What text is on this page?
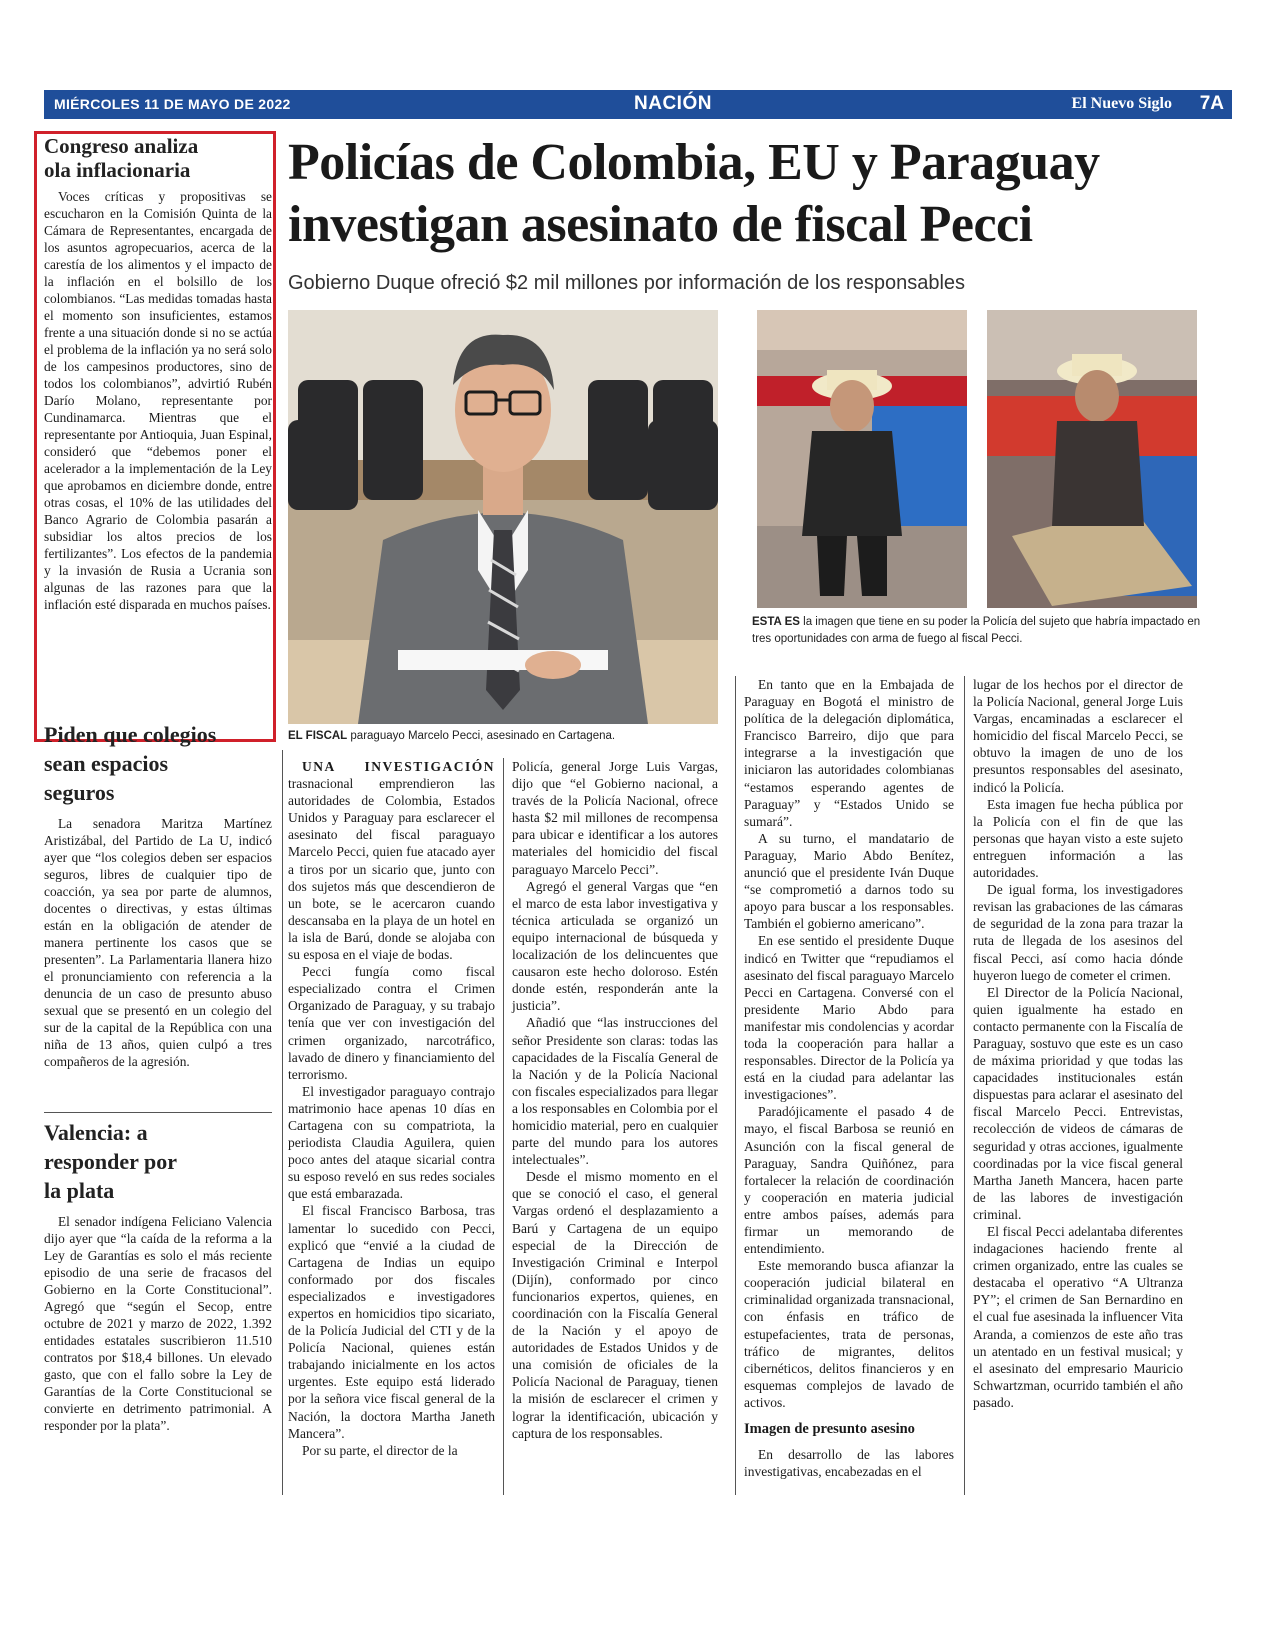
MIÉRCOLES 11 DE MAYO DE 2022	NACIÓN	El Nuevo Siglo 7A
Congreso analiza ola inflacionaria

Voces críticas y propositivas se escucharon en la Comisión Quinta de la Cámara de Representantes, encargada de los asuntos agropecuarios, acerca de la carestía de los alimentos y el impacto de la inflación en el bolsillo de los colombianos. “Las medidas tomadas hasta el momento son insuficientes, estamos frente a una situación donde si no se actúa el problema de la inflación ya no será solo de los campesinos productores, sino de todos los colombianos”, advirtió Rubén Darío Molano, representante por Cundinamarca. Mientras que el representante por Antioquia, Juan Espinal, consideró que “debemos poner el acelerador a la implementación de la Ley que aprobamos en diciembre donde, entre otras cosas, el 10% de las utilidades del Banco Agrario de Colombia pasarán a subsidiar los altos precios de los fertilizantes”. Los efectos de la pandemia y la invasión de Rusia a Ucrania son algunas de las razones para que la inflación esté disparada en muchos países.

Piden que colegios sean espacios seguros

La senadora Maritza Martínez Aristizábal, del Partido de La U, indicó ayer que “los colegios deben ser espacios seguros, libres de cualquier tipo de coacción, ya sea por parte de alumnos, docentes o directivas, y estas últimas están en la obligación de atender de manera pertinente los casos que se presenten”. La Parlamentaria llanera hizo el pronunciamiento con referencia a la denuncia de un caso de presunto abuso sexual que se presentó en un colegio del sur de la capital de la República con una niña de 13 años, quien culpó a tres compañeros de la agresión.

Valencia: a responder por la plata

El senador indígena Feliciano Valencia dijo ayer que “la caída de la reforma a la Ley de Garantías es solo el más reciente episodio de una serie de fracasos del Gobierno en la Corte Constitucional”. Agregó que “según el Secop, entre octubre de 2021 y marzo de 2022, 1.392 entidades estatales suscribieron 11.510 contratos por $18,4 billones. Un elevado gasto, que con el fallo sobre la Ley de Garantías de la Corte Constitucional se convierte en detrimento patrimonial. A responder por la plata”.

Policías de Colombia, EU y Paraguay investigan asesinato de fiscal Pecci
Gobierno Duque ofreció $2 mil millones por información de los responsables
EL FISCAL paraguayo Marcelo Pecci, asesinado en Cartagena.
ESTA ES la imagen que tiene en su poder la Policía del sujeto que habría impactado en tres oportunidades con arma de fuego al fiscal Pecci.

UNA INVESTIGACIÓN trasnacional emprendieron las autoridades de Colombia, Estados Unidos y Paraguay para esclarecer el asesinato del fiscal paraguayo Marcelo Pecci, quien fue atacado ayer a tiros por un sicario que, junto con dos sujetos más que descendieron de un bote, se le acercaron cuando descansaba en la playa de un hotel en la isla de Barú, donde se alojaba con su esposa en el viaje de bodas.

Pecci fungía como fiscal especializado contra el Crimen Organizado de Paraguay, y su trabajo tenía que ver con investigación del crimen organizado, narcotráfico, lavado de dinero y financiamiento del terrorismo.

El investigador paraguayo contrajo matrimonio hace apenas 10 días en Cartagena con su compatriota, la periodista Claudia Aguilera, quien poco antes del ataque sicarial contra su esposo reveló en sus redes sociales que está embarazada.

El fiscal Francisco Barbosa, tras lamentar lo sucedido con Pecci, explicó que “envié a la ciudad de Cartagena de Indias un equipo conformado por dos fiscales especializados e investigadores expertos en homicidios tipo sicariato, de la Policía Judicial del CTI y de la Policía Nacional, quienes están trabajando inicialmente en los actos urgentes. Este equipo está liderado por la señora vice fiscal general de la Nación, la doctora Martha Janeth Mancera”.

Por su parte, el director de la

Policía, general Jorge Luis Vargas, dijo que “el Gobierno nacional, a través de la Policía Nacional, ofrece hasta $2 mil millones de recompensa para ubicar e identificar a los autores materiales del homicidio del fiscal paraguayo Marcelo Pecci”.

Agregó el general Vargas que “en el marco de esta labor investigativa y técnica articulada se organizó un equipo internacional de búsqueda y localización de los delincuentes que causaron este hecho doloroso. Estén donde estén, responderán ante la justicia”.

Añadió que “las instrucciones del señor Presidente son claras: todas las capacidades de la Fiscalía General de la Nación y de la Policía Nacional con fiscales especializados para llegar a los responsables en Colombia por el homicidio material, pero en cualquier parte del mundo para los autores intelectuales”.

Desde el mismo momento en el que se conoció el caso, el general Vargas ordenó el desplazamiento a Barú y Cartagena de un equipo especial de la Dirección de Investigación Criminal e Interpol (Dijín), conformado por cinco funcionarios expertos, quienes, en coordinación con la Fiscalía General de la Nación y el apoyo de autoridades de Estados Unidos y de una comisión de oficiales de la Policía Nacional de Paraguay, tienen la misión de esclarecer el crimen y lograr la identificación, ubicación y captura de los responsables.

En tanto que en la Embajada de Paraguay en Bogotá el ministro de política de la delegación diplomática, Francisco Barreiro, dijo que para integrarse a la investigación que iniciaron las autoridades colombianas “estamos esperando agentes de Paraguay” y “Estados Unido se sumará”.

A su turno, el mandatario de Paraguay, Mario Abdo Benítez, anunció que el presidente Iván Duque “se comprometió a darnos todo su apoyo para buscar a los responsables. También el gobierno americano”.

En ese sentido el presidente Duque indicó en Twitter que “repudiamos el asesinato del fiscal paraguayo Marcelo Pecci en Cartagena. Conversé con el presidente Mario Abdo para manifestar mis condolencias y acordar toda la cooperación para hallar a responsables. Director de la Policía ya está en la ciudad para adelantar las investigaciones”.

Paradójicamente el pasado 4 de mayo, el fiscal Barbosa se reunió en Asunción con la fiscal general de Paraguay, Sandra Quiñónez, para fortalecer la relación de coordinación y cooperación en materia judicial entre ambos países, además para firmar un memorando de entendimiento.

Este memorando busca afianzar la cooperación judicial bilateral en criminalidad organizada transnacional, con énfasis en tráfico de estupefacientes, trata de personas, tráfico de migrantes, delitos cibernéticos, delitos financieros y en esquemas complejos de lavado de activos.

Imagen de presunto asesino

En desarrollo de las labores investigativas, encabezadas en el

lugar de los hechos por el director de la Policía Nacional, general Jorge Luis Vargas, encaminadas a esclarecer el homicidio del fiscal Marcelo Pecci, se obtuvo la imagen de uno de los presuntos responsables del asesinato, indicó la Policía.

Esta imagen fue hecha pública por la Policía con el fin de que las personas que hayan visto a este sujeto entreguen información a las autoridades.

De igual forma, los investigadores revisan las grabaciones de las cámaras de seguridad de la zona para trazar la ruta de llegada de los asesinos del fiscal Pecci, así como hacia dónde huyeron luego de cometer el crimen.

El Director de la Policía Nacional, quien igualmente ha estado en contacto permanente con la Fiscalía de Paraguay, sostuvo que este es un caso de máxima prioridad y que todas las capacidades institucionales están dispuestas para aclarar el asesinato del fiscal Marcelo Pecci. Entrevistas, recolección de videos de cámaras de seguridad y otras acciones, igualmente coordinadas por la vice fiscal general Martha Janeth Mancera, hacen parte de las labores de investigación criminal.

El fiscal Pecci adelantaba diferentes indagaciones haciendo frente al crimen organizado, entre las cuales se destacaba el operativo “A Ultranza PY”; el crimen de San Bernardino en el cual fue asesinada la influencer Vita Aranda, a comienzos de este año tras un atentado en un festival musical; y el asesinato del empresario Mauricio Schwartzman, ocurrido también el año pasado.
